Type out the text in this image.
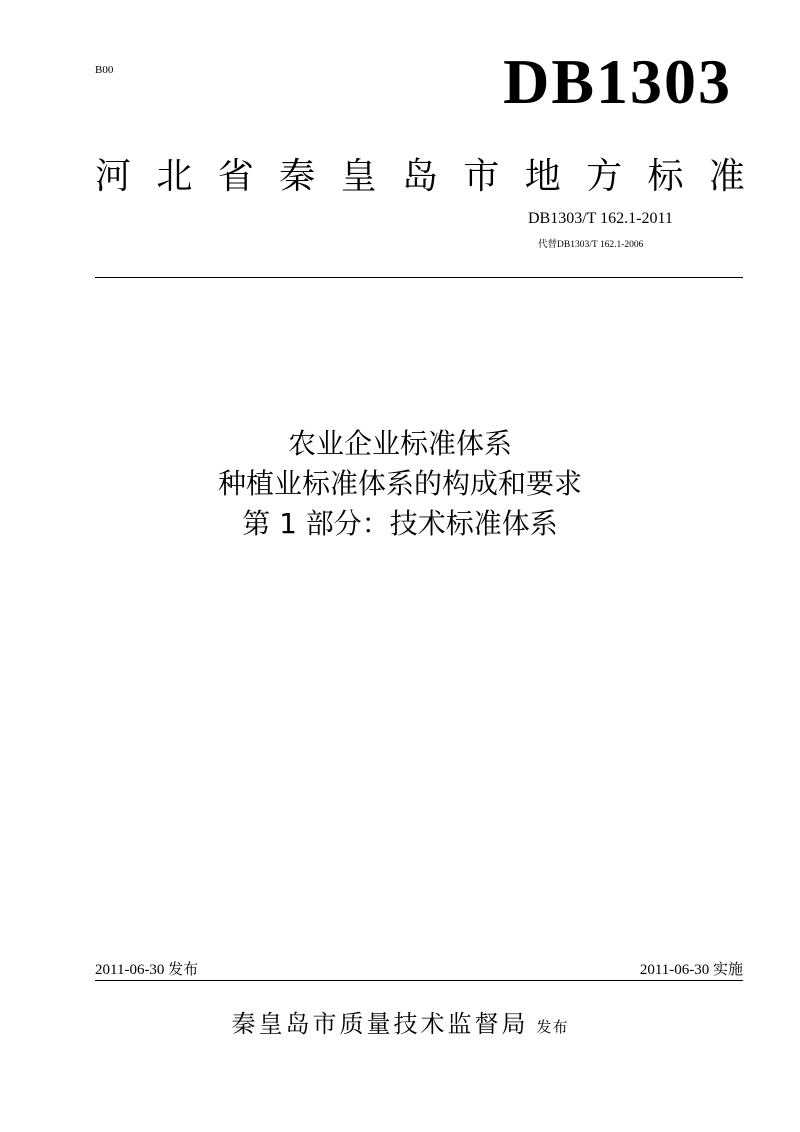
B00	DB1303
河 北 省 秦 皇 岛 市 地 方 标 准
DB1303/T 162.1-2011
代替DB1303/T 162.1-2006
农业企业标准体系
种植业标准体系的构成和要求
第 1 部分：技术标准体系
2011-06-30 发布	2011-06-30 实施
秦皇岛市质量技术监督局 发布
